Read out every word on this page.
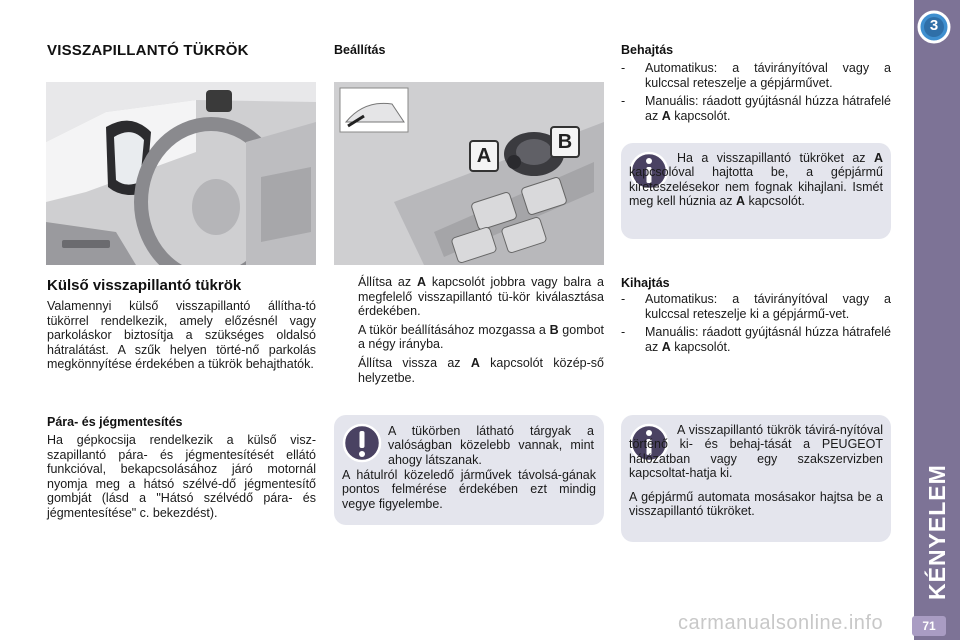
VISSZAPILLANTÓ TÜKRÖK
Külső visszapillantó tükrök
Valamennyi külső visszapillantó állítha-tó tükörrel rendelkezik, amely előzésnél vagy parkoláskor biztosítja a szükséges oldalsó hátralátást. A szűk helyen törté-nő parkolás megkönnyítése érdekében a tükrök behajthatók.
Pára- és jégmentesítés
Ha gépkocsija rendelkezik a külső visz-szapillantó pára- és jégmentesítését ellátó funkcióval, bekapcsolásához járó motornál nyomja meg a hátsó szélvé-dő jégmentesítő gombját (lásd a "Hátsó szélvédő pára- és jégmentesítése" c. bekezdést).
Beállítás
A
B
Állítsa az A kapcsolót jobbra vagy balra a megfelelő visszapillantó tü-kör kiválasztása érdekében.
A tükör beállításához mozgassa a B gombot a négy irányba.
Állítsa vissza az A kapcsolót közép-ső helyzetbe.
A tükörben látható tárgyak a valóságban közelebb vannak, mint ahogy látszanak.
A hátulról közeledő járművek távolsá-gának pontos felmérése érdekében ezt mindig vegye figyelembe.
Behajtás
- Automatikus: a távirányítóval vagy a kulccsal reteszelje a gépjárművet.
- Manuális: ráadott gyújtásnál húzza hátrafelé az A kapcsolót.
Ha a visszapillantó tükröket az A kapcsolóval hajtotta be, a gépjármű kireteszelésekor nem fognak kihajlani. Ismét meg kell húznia az A kapcsolót.
Kihajtás
- Automatikus: a távirányítóval vagy a kulccsal reteszelje ki a gépjármű-vet.
- Manuális: ráadott gyújtásnál húzza hátrafelé az A kapcsolót.
A visszapillantó tükrök távirá-nyítóval történő ki- és behaj-tását a PEUGEOT hálózatban vagy egy szakszervizben kapcsoltat-hatja ki.
A gépjármű automata mosásakor hajtsa be a visszapillantó tükröket.
3
KÉNYELEM
71
carmanualsonline.info
